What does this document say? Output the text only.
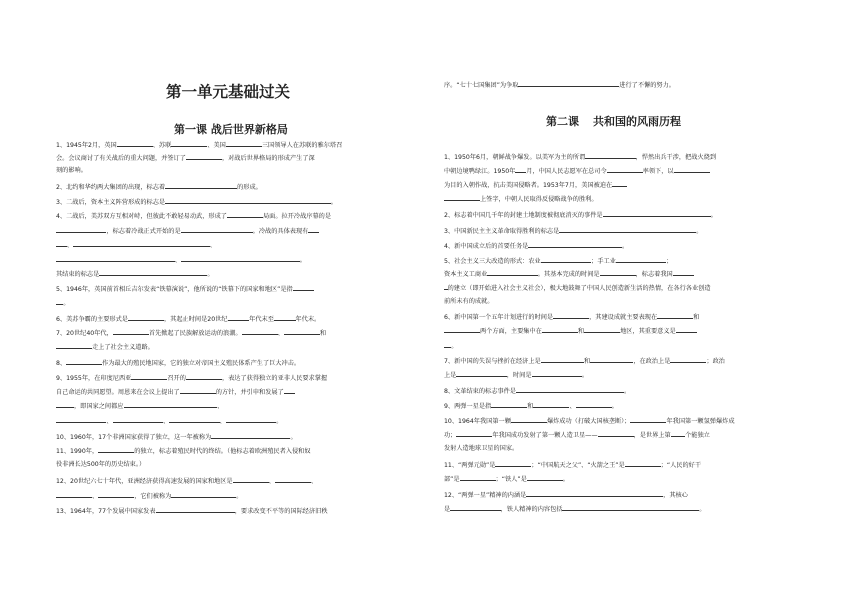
第一单元基础过关
第一课 战后世界新格局
1、1945年2月，英国	、苏联	、美国	三国领导人在苏联的雅尔塔召
会。会议商讨了有关战后的重大问题，并签订了	，对战后世界格局的形成产生了深
刻的影响。
2、北约和华约两大集团的出现，标志着	的形成。
3、二战后，资本主义阵营形成的标志是	。
4、二战后，美苏双方互相对峙，但彼此不敢轻易动武，形成了	局面。拉开冷战序幕的是
，标志着冷战正式开始的是	。冷战的具体表现有
、	、
、	。
其结束的标志是	。
5、1946年，英国前首相丘吉尔发表“铁幕演说”，他所说的“铁幕下的国家和地区”是指
。
6、美苏争霸的主要形式是	，其起止时间是20世纪	年代末至	年代末。
7、20世纪40年代，	首先掀起了民族解放运动的浪潮。	、	和
走上了社会主义道路。
8、	作为最大的殖民地国家，它的独立对帝国主义殖民体系产生了巨大冲击。
9、1955年，在印度尼西亚	召开的	，表达了获得独立的亚非人民要求掌握
自己命运的共同愿望。周恩来在会议上提出了	的方针，并引申和发展了
，即国家之间都应	、
、	、	、	。
10、1960年，17个非洲国家获得了独立，这一年被称为	。
11、1990年，	的独立，标志着殖民时代的终结。（他标志着欧洲殖民者入侵和奴
役非洲长达500年的历史结束。）
12、20世纪六七十年代，亚洲经济获得高速发展的国家和地区是	、	、
、	，它们被称为	。
13、1964年，77个发展中国家发表	，要求改变不平等的国际经济旧秩
第二课 共和国的风雨历程
序。“七十七国集团”为争取	进行了不懈的努力。
1、1950年6月，朝鲜战争爆发。以美军为主的所谓	，悍然出兵干涉，把战火烧到
中朝边境鸭绿江。1950年 月，中国人民志愿军在总司令	率领下，以
为目的入朝作战，抗击美国侵略者。1953年7月，美国被迫在
上签字，中朝人民取得反侵略战争的胜利。
2、标志着中国几千年的封建土地制度被彻底消灭的事件是	。
3、中国新民主主义革命取得胜利的标志是	。
4、新中国成立后的首要任务是	。
5、社会主义三大改造的形式：农业	；手工业	；
资本主义工商业	。其基本完成的时间是	，标志着我国
的建立（即开始进入社会主义社会），极大地鼓舞了中国人民创造新生活的热情，在各行各业创造
前所未有的成就。
6、新中国第一个五年计划进行的时间是	，其建设成就主要表现在	和
两个方面，主要集中在	和	地区，其重要意义是
。
7、新中国的失误与挫折在经济上是	和	，在政治上是	；政治
上是	，时间是	。
8、文革结束的标志事件是	。
9、两弹一星是指	和	、	。
10、1964年我国第一颗	爆炸成功（打破大国核垄断）；	年我国第一颗氢弹爆炸成
功；	年我国成功发射了第一颗人造卫星——	，是世界上第 个能独立
发射人造地球卫星的国家。
11、“两弹元勋”是	；“中国航天之父”、“火箭之王”是	；“人民的好干
部”是	；“铁人”是	。
12、“两弹一星”精神的内涵是	，其核心
是	，铁人精神的内容包括	。
